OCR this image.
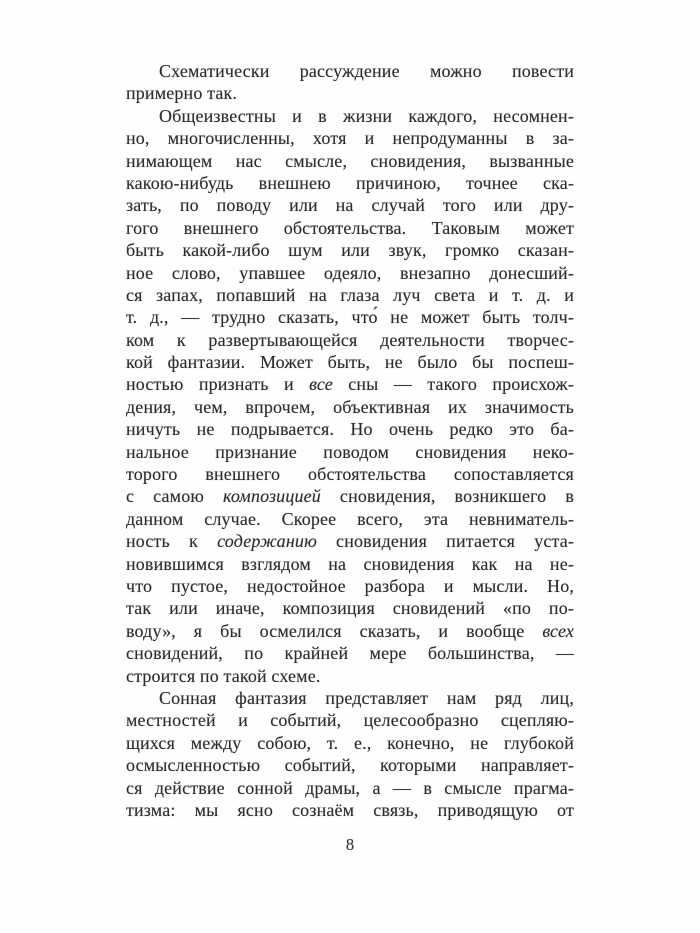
Схематически рассуждение можно повести
примерно так.
Общеизвестны и в жизни каждого, несомнен-
но, многочисленны, хотя и непродуманны в за-
нимающем нас смысле, сновидения, вызванные
какою-нибудь внешнею причиною, точнее ска-
зать, по поводу или на случай того или дру-
гого внешнего обстоятельства. Таковым может
быть какой-либо шум или звук, громко сказан-
ное слово, упавшее одеяло, внезапно донесший-
ся запах, попавший на глаза луч света и т. д. и
т. д., — трудно сказать, что́ не может быть толч-
ком к развертывающейся деятельности творчес-
кой фантазии. Может быть, не было бы поспеш-
ностью признать и все сны — такого происхож-
дения, чем, впрочем, объективная их значимость
ничуть не подрывается. Но очень редко это ба-
нальное признание поводом сновидения неко-
торого внешнего обстоятельства сопоставляется
с самою композицией сновидения, возникшего в
данном случае. Скорее всего, эта невниматель-
ность к содержанию сновидения питается уста-
новившимся взглядом на сновидения как на не-
что пустое, недостойное разбора и мысли. Но,
так или иначе, композиция сновидений «по по-
воду», я бы осмелился сказать, и вообще всех
сновидений, по крайней мере большинства, —
строится по такой схеме.
Сонная фантазия представляет нам ряд лиц,
местностей и событий, целесообразно сцепляю-
щихся между собою, т. е., конечно, не глубокой
осмысленностью событий, которыми направляет-
ся действие сонной драмы, а — в смысле прагма-
тизма: мы ясно сознаём связь, приводящую от
8
